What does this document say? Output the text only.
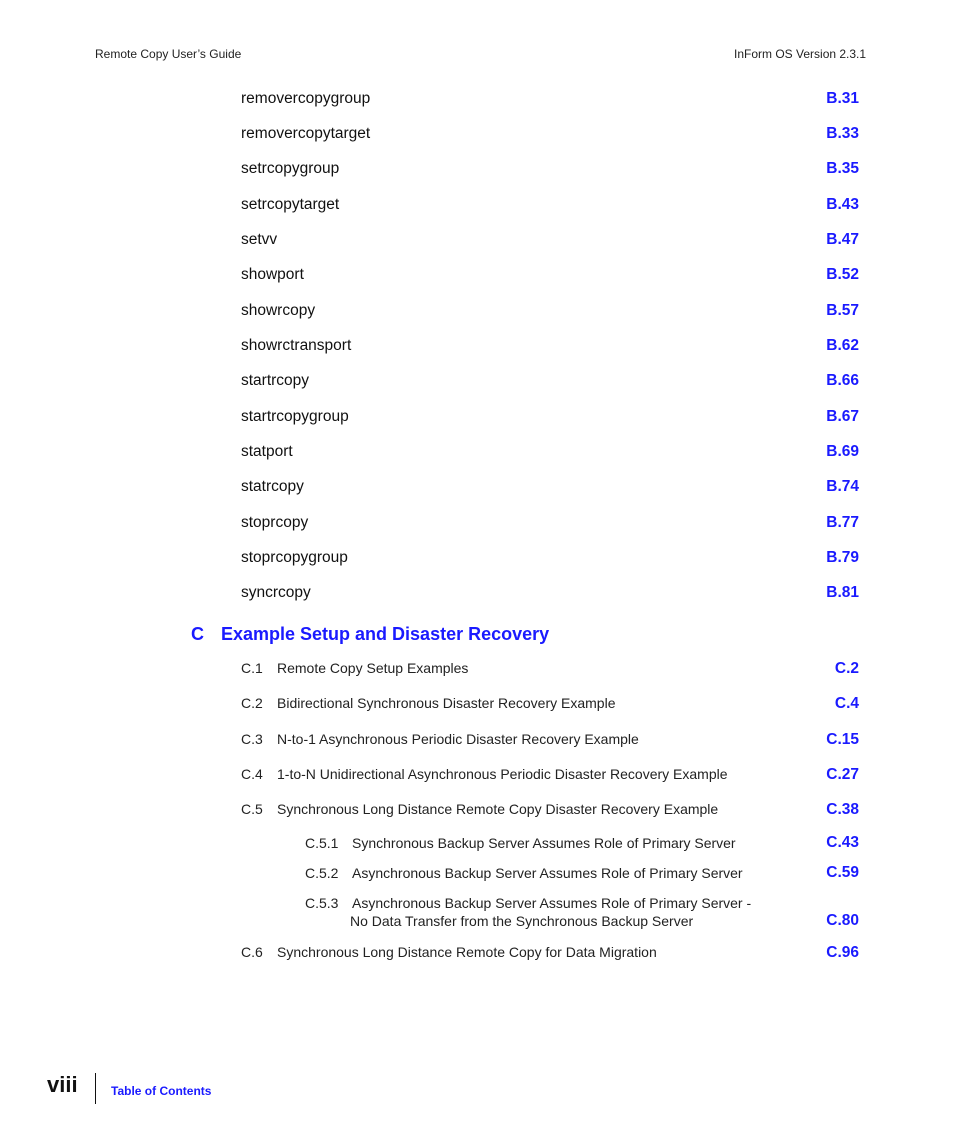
Remote Copy User’s Guide	InForm OS Version 2.3.1
removercopygroup	B.31
removercopytarget	B.33
setrcopygroup	B.35
setrcopytarget	B.43
setvv	B.47
showport	B.52
showrcopy	B.57
showrctransport	B.62
startrcopy	B.66
startrcopygroup	B.67
statport	B.69
statrcopy	B.74
stoprcopy	B.77
stoprcopygroup	B.79
syncrcopy	B.81
C Example Setup and Disaster Recovery
C.1	Remote Copy Setup Examples	C.2
C.2	Bidirectional Synchronous Disaster Recovery Example	C.4
C.3	N-to-1 Asynchronous Periodic Disaster Recovery Example	C.15
C.4	1-to-N Unidirectional Asynchronous Periodic Disaster Recovery Example	C.27
C.5	Synchronous Long Distance Remote Copy Disaster Recovery Example	C.38
C.5.1 Synchronous Backup Server Assumes Role of Primary Server	C.43
C.5.2 Asynchronous Backup Server Assumes Role of Primary Server	C.59
C.5.3 Asynchronous Backup Server Assumes Role of Primary Server -
No Data Transfer from the Synchronous Backup Server	C.80
C.6	Synchronous Long Distance Remote Copy for Data Migration	C.96
viii	Table of Contents
